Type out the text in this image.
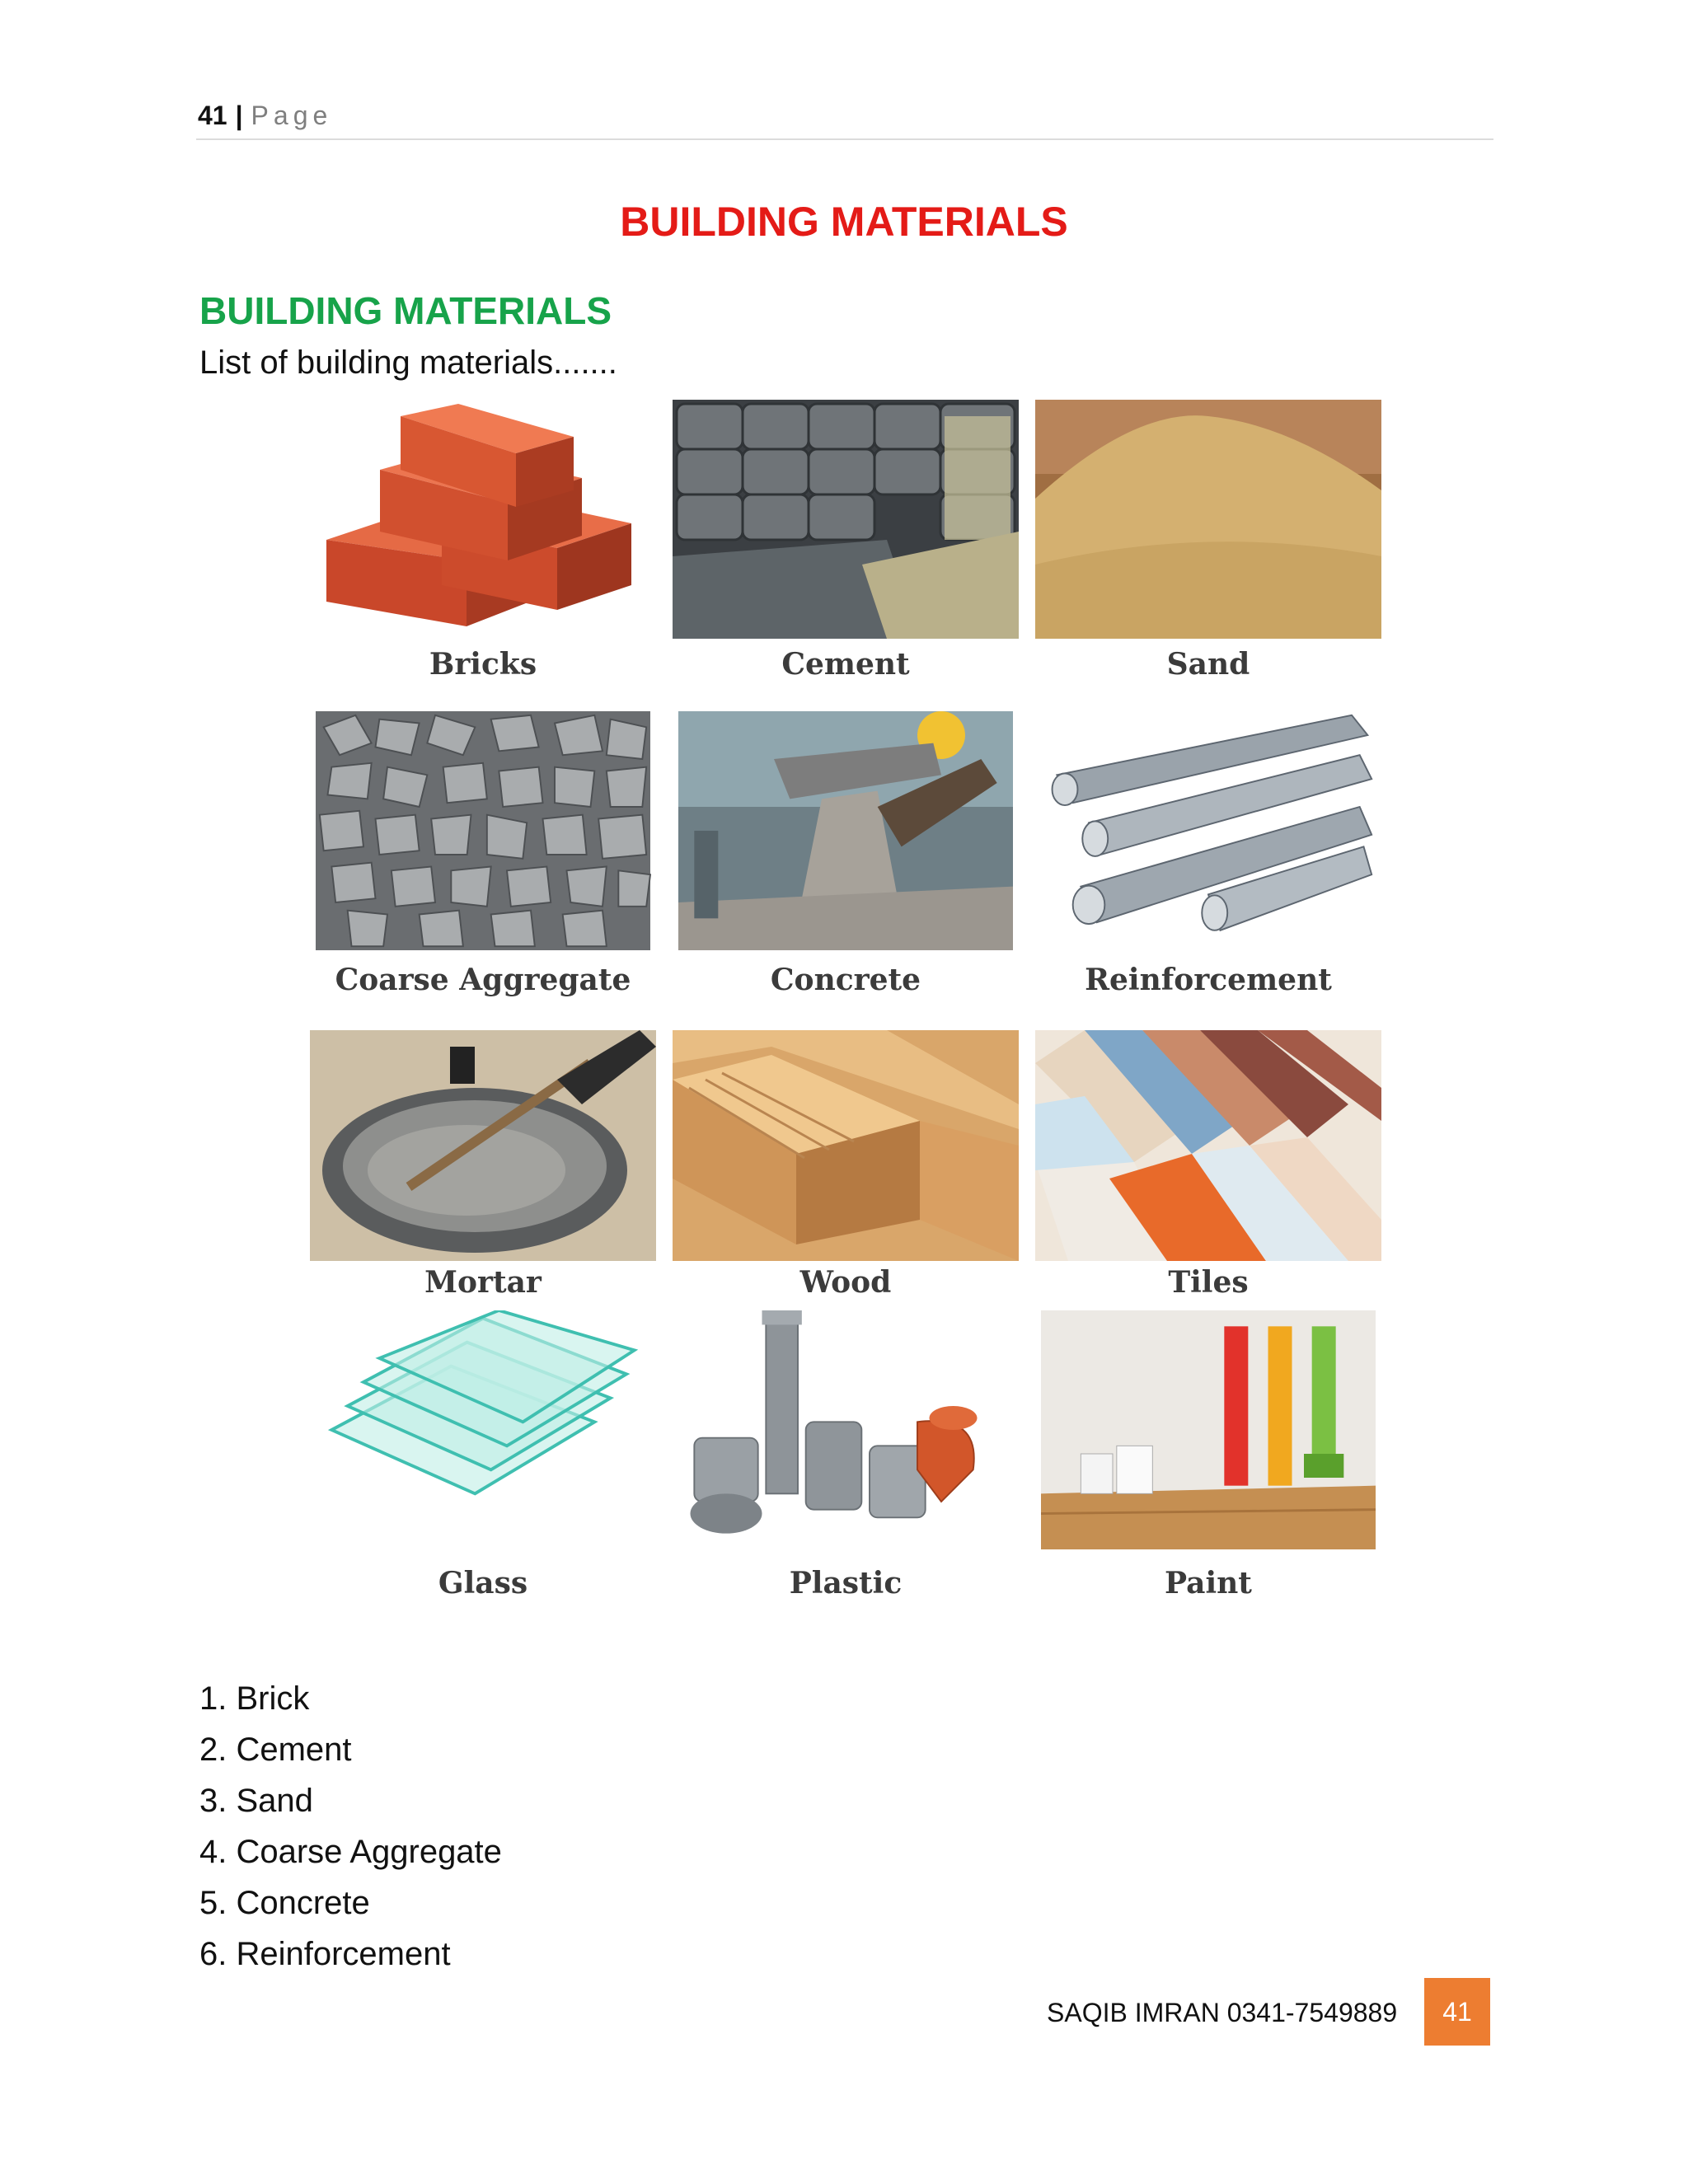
41 | Page
BUILDING MATERIALS
BUILDING MATERIALS
List of building materials.......
Bricks	Cement	Sand
Coarse Aggregate	Concrete	Reinforcement
Mortar	Wood	Tiles
Glass	Plastic	Paint
1. Brick
2. Cement
3. Sand
4. Coarse Aggregate
5. Concrete
6. Reinforcement
SAQIB IMRAN 0341-7549889	41
